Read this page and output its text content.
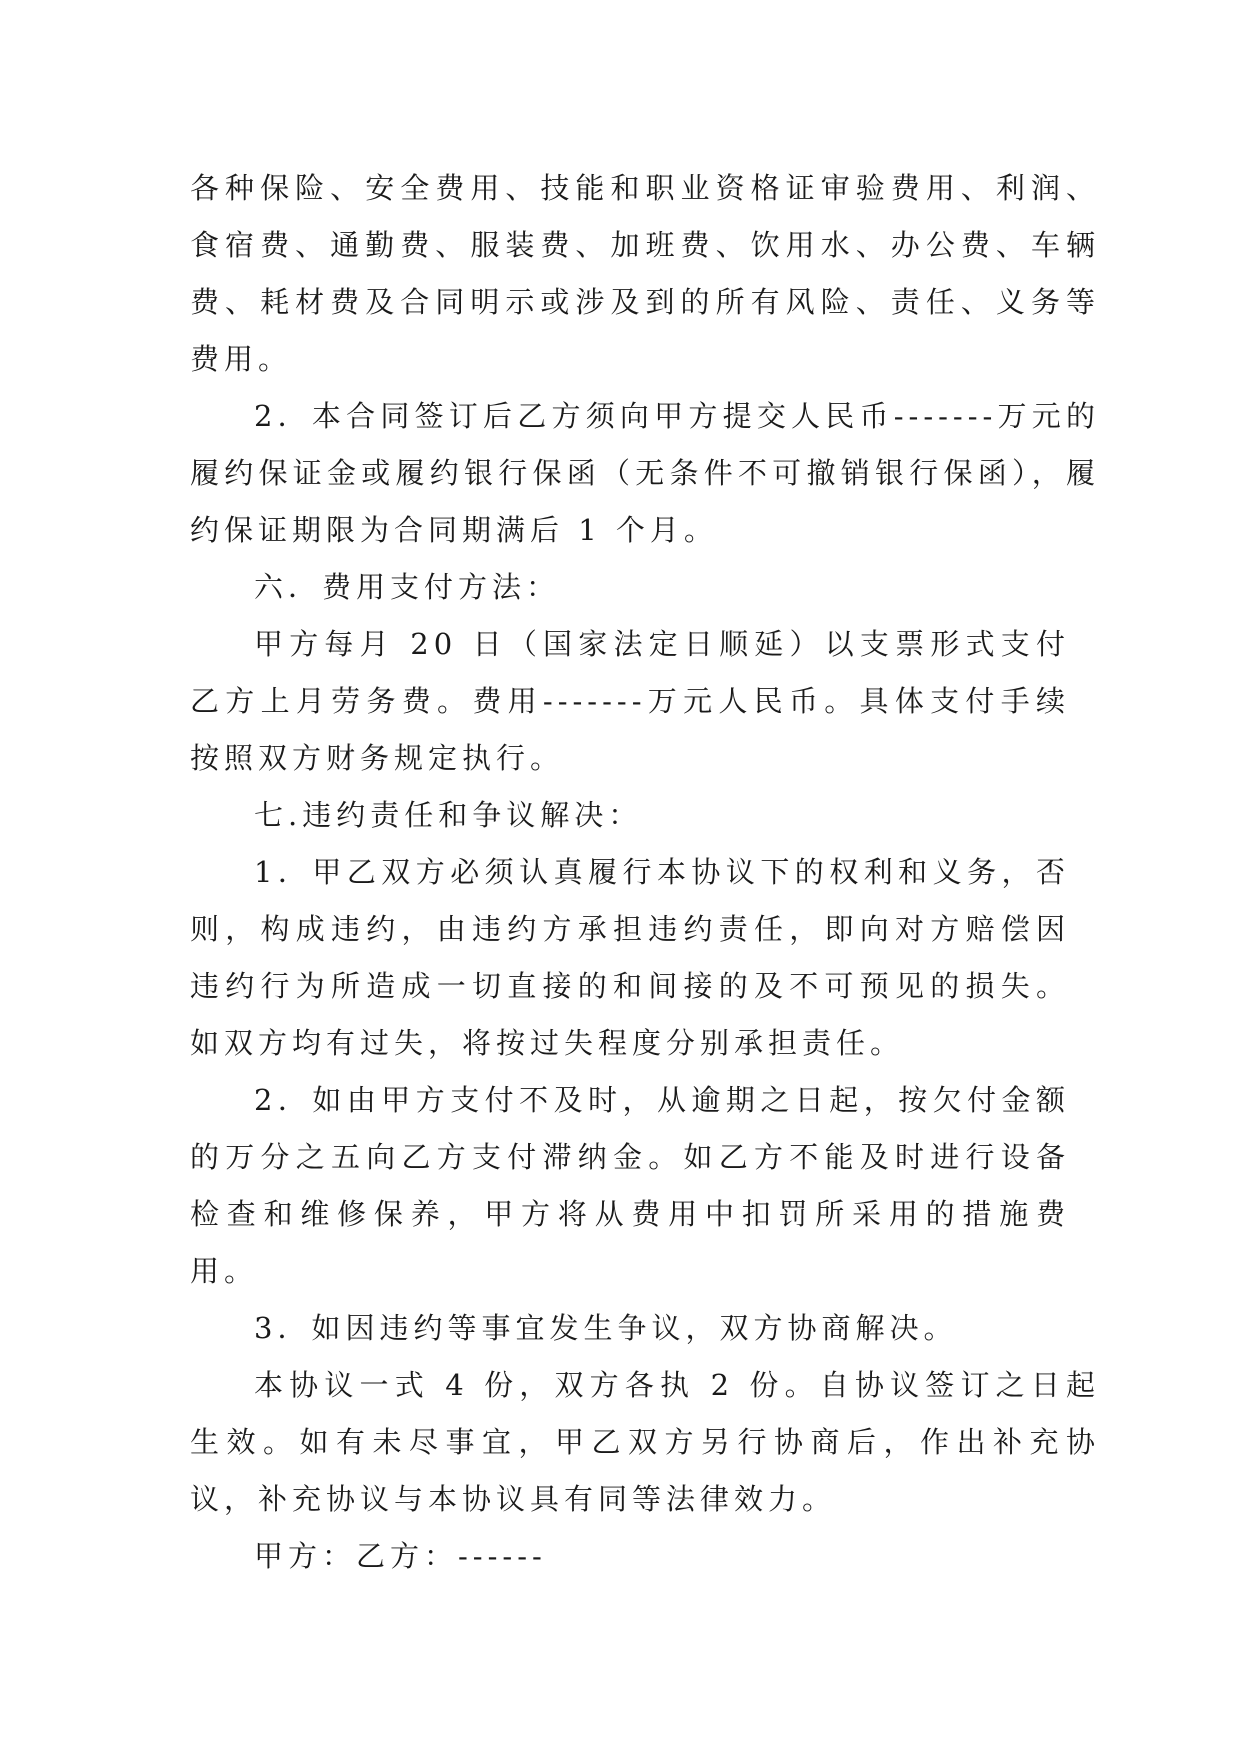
各种保险、安全费用、技能和职业资格证审验费用、利润、食宿费、通勤费、服装费、加班费、饮用水、办公费、车辆费、耗材费及合同明示或涉及到的所有风险、责任、义务等费用。

2．本合同签订后乙方须向甲方提交人民币-------万元的履约保证金或履约银行保函（无条件不可撤销银行保函），履约保证期限为合同期满后 1 个月。

六．费用支付方法：

甲方每月 20 日（国家法定日顺延）以支票形式支付乙方上月劳务费。费用-------万元人民币。具体支付手续按照双方财务规定执行。

七.违约责任和争议解决：

1．甲乙双方必须认真履行本协议下的权利和义务，否则，构成违约，由违约方承担违约责任，即向对方赔偿因违约行为所造成一切直接的和间接的及不可预见的损失。如双方均有过失，将按过失程度分别承担责任。

2．如由甲方支付不及时，从逾期之日起，按欠付金额的万分之五向乙方支付滞纳金。如乙方不能及时进行设备检查和维修保养，甲方将从费用中扣罚所采用的措施费用。

3．如因违约等事宜发生争议，双方协商解决。

本协议一式 4 份，双方各执 2 份。自协议签订之日起生效。如有未尽事宜，甲乙双方另行协商后，作出补充协议，补充协议与本协议具有同等法律效力。

甲方：乙方：------
